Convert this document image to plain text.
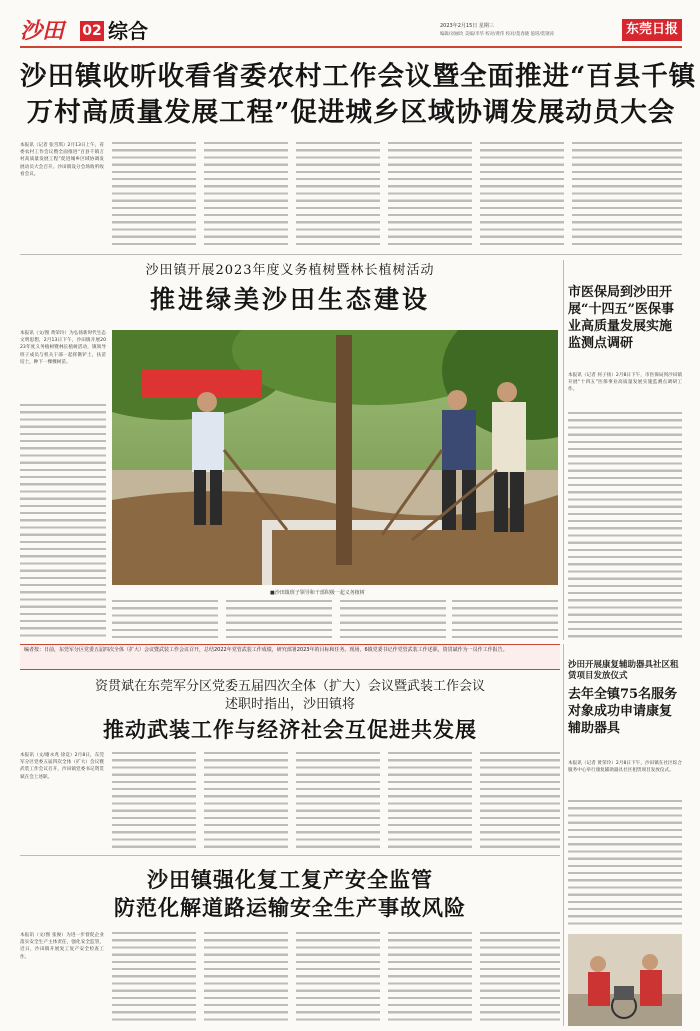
沙田 02 综合	2023年2月15日 星期三
编辑/刘丽玫 美编/李华 校对/黄伟 校对/莫春晓 值班/莫钢涛	东莞日报
沙田镇收听收看省委农村工作会议暨全面推进“百县千镇
万村高质量发展工程”促进城乡区域协调发展动员大会
本报讯（记者 张雪琪）2月13日上午，省委农村工作会议暨全面推进“百县千镇万村高质量发展工程”促进城乡区域协调发展动员大会召开。沙田镇设分会场收听收看会议。
沙田镇开展2023年度义务植树暨林长植树活动
推进绿美沙田生态建设
本报讯（文/图 黄荣玲）为弘扬新时代生态文明思想，2月13日下午，沙田镇开展2023年度义务植树暨林长植树活动，镇领导班子成员与机关干部一起挥锹铲土、扶苗培土，种下一棵棵树苗。
■沙田镇班子领导和干部积极一起义务植树
市医保局到沙田开展“十四五”医保事业高质量发展实施监测点调研
本报讯（记者 何子扬）2月8日下午，市医保局到沙田镇开展“十四五”医保事业高质量发展实施监测点调研工作。
编者按：日前，东莞军分区党委五届四次全体（扩大）会议暨武装工作会议召开，总结2022年党管武装工作成绩，研究部署2023年的目标和任务。现场，6镇党委书记作党管武装工作述职，资贯斌作为一员作工作报告。
资贯斌在东莞军分区党委五届四次全体（扩大）会议暨武装工作会议
述职时指出，沙田镇将
推动武装工作与经济社会互促进共发展
本报讯（文/谢永兆 徐竞）2月8日，东莞军分区党委五届四次全体（扩大）会议暨武装工作会议召开，沙田镇党委书记资贯斌在会上述职。
沙田镇强化复工复产安全监管
防范化解道路运输安全生产事故风险
本报讯（文/图 张俊）为进一步督促企业落实安全生产主体责任，强化安全监管，近日，沙田镇开展复工复产安全检查工作。
沙田开展康复辅助器具社区租赁项目发放仪式
去年全镇75名服务对象成功申请康复辅助器具
本报讯（记者 黄荣玲）2月8日下午，沙田镇在社区综合服务中心举行康复辅助器具社区租赁项目发放仪式。
